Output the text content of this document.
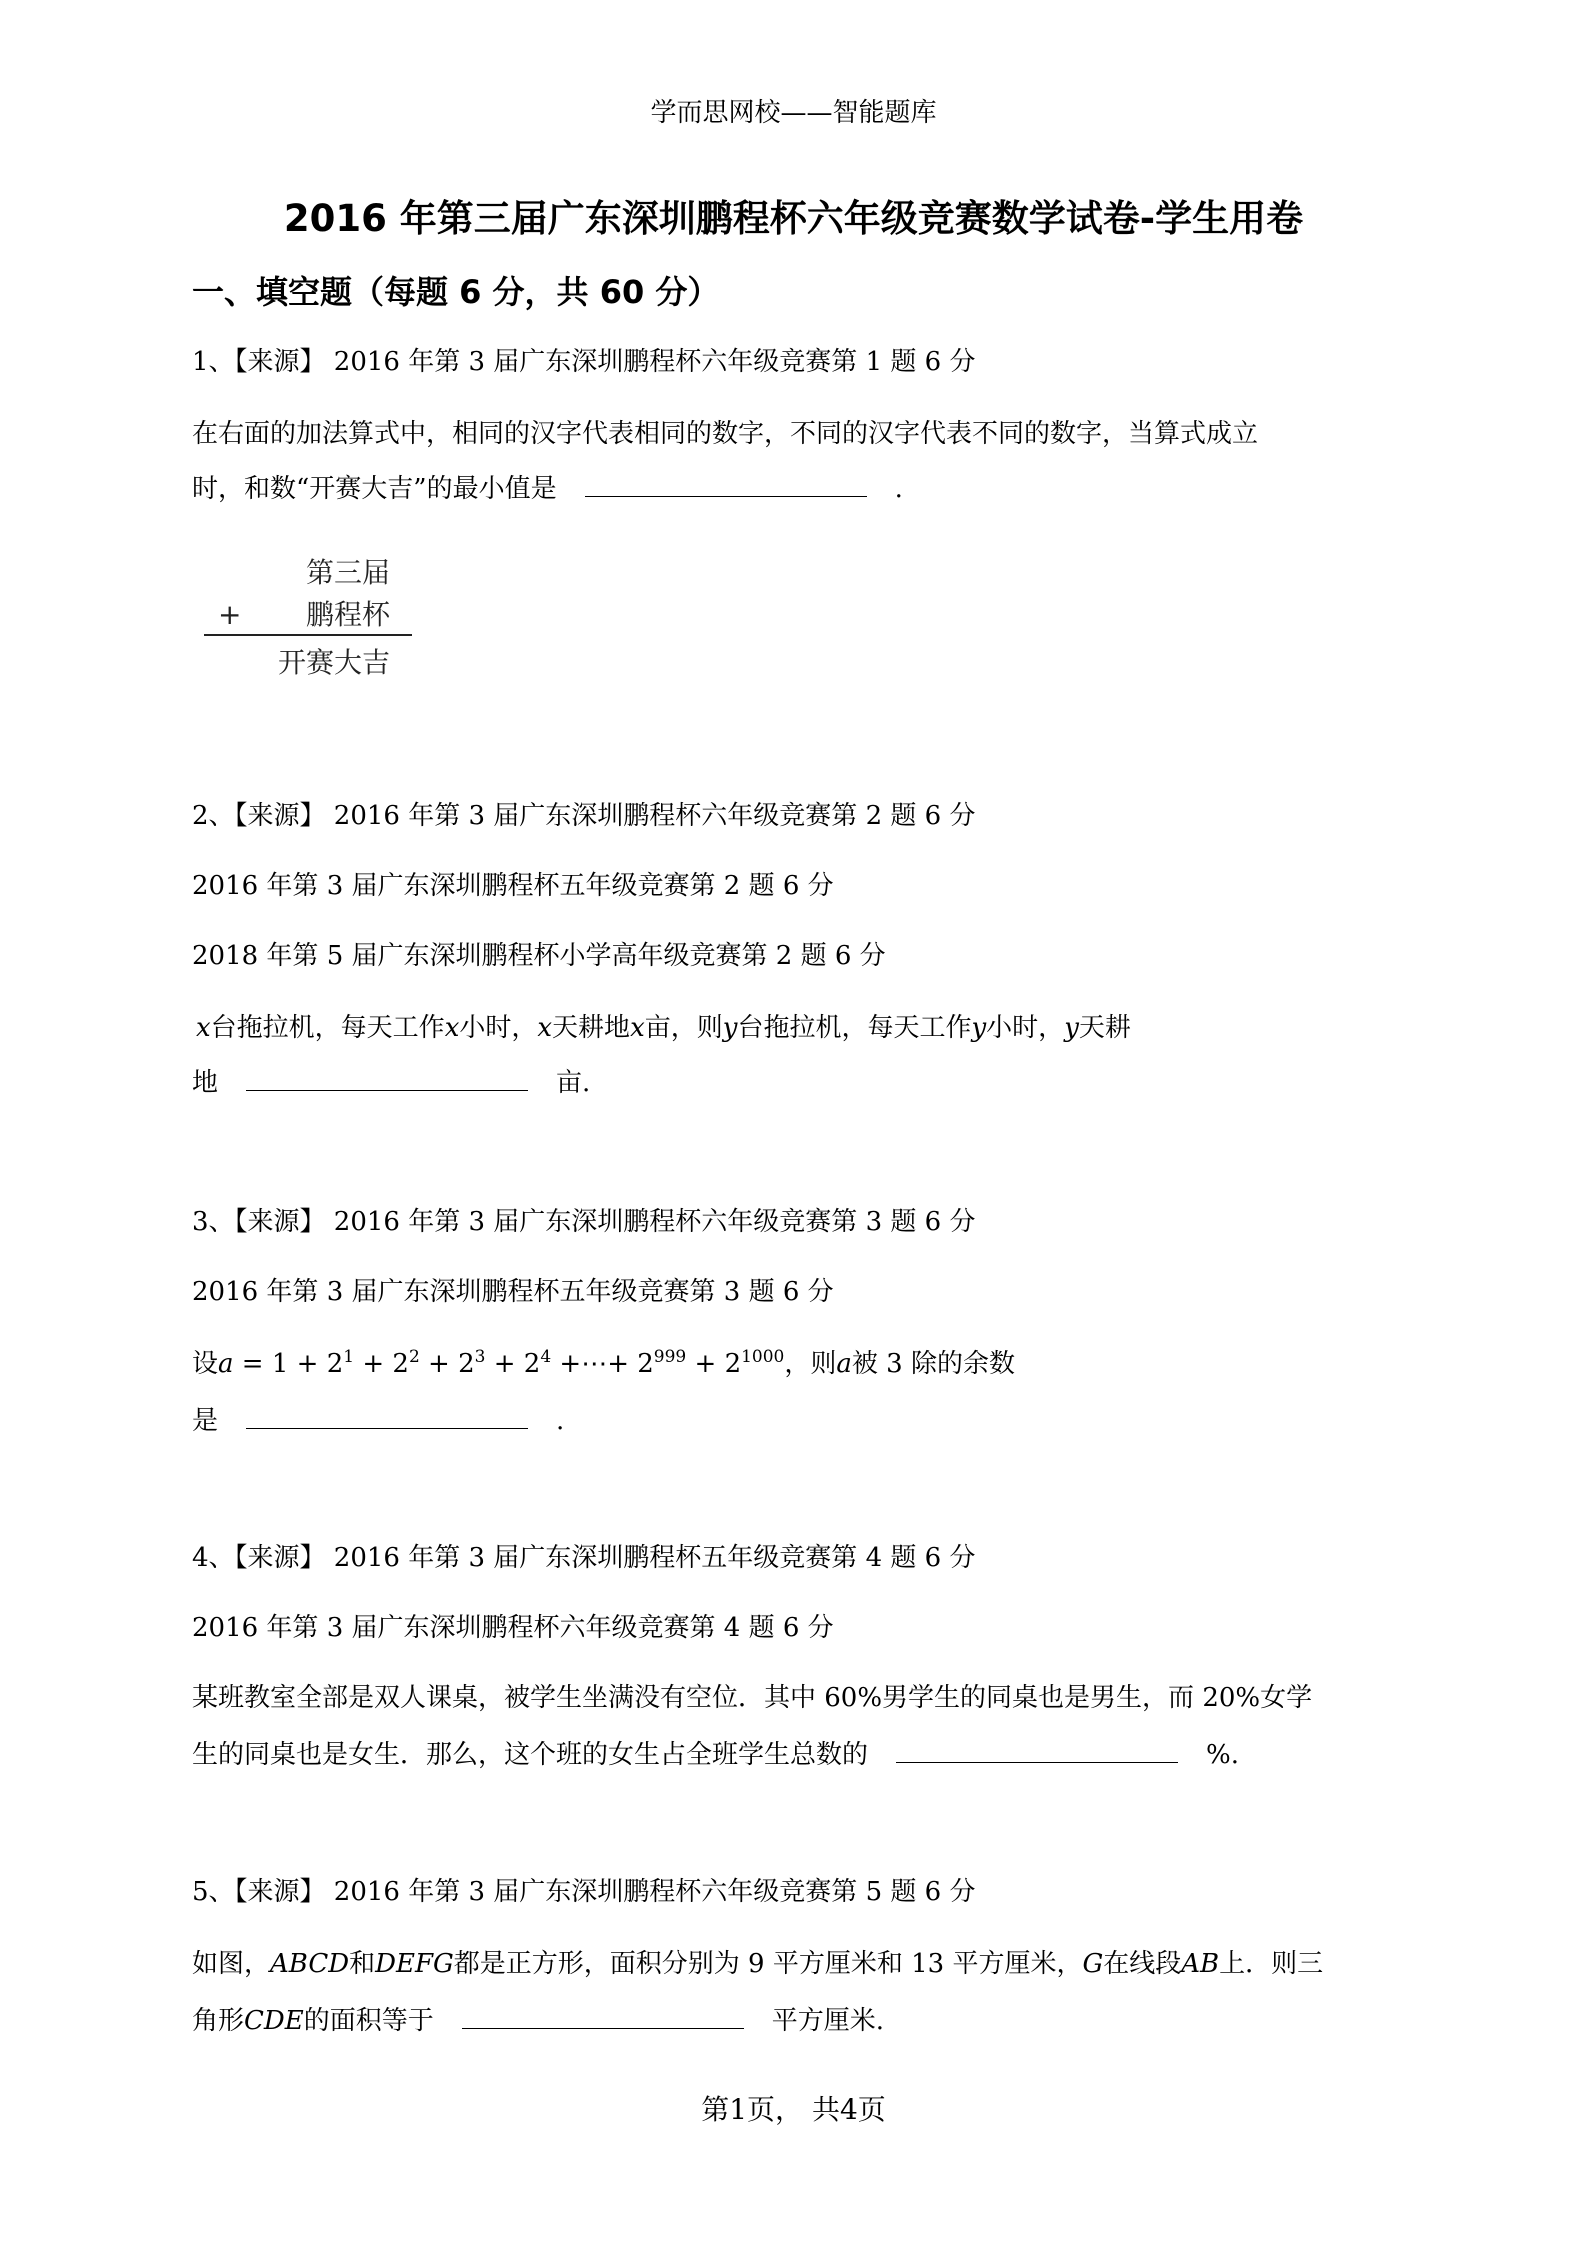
学而思网校——智能题库
2016 年第三届广东深圳鹏程杯六年级竞赛数学试卷-学生用卷
一、填空题（每题 6 分，共 60 分）
1、【来源】 2016 年第 3 届广东深圳鹏程杯六年级竞赛第 1 题 6 分
在右面的加法算式中，相同的汉字代表相同的数字，不同的汉字代表不同的数字，当算式成立
时，和数“开赛大吉”的最小值是	.
第三届
+ 鹏程杯
开赛大吉
2、【来源】 2016 年第 3 届广东深圳鹏程杯六年级竞赛第 2 题 6 分
2016 年第 3 届广东深圳鹏程杯五年级竞赛第 2 题 6 分
2018 年第 5 届广东深圳鹏程杯小学高年级竞赛第 2 题 6 分
x台拖拉机，每天工作x小时，x天耕地x亩，则y台拖拉机，每天工作y小时，y天耕
地	亩.
3、【来源】 2016 年第 3 届广东深圳鹏程杯六年级竞赛第 3 题 6 分
2016 年第 3 届广东深圳鹏程杯五年级竞赛第 3 题 6 分
设$a = 1 + 2^1 + 2^2 + 2^3 + 2^4$ +⋯+ $2^{999} + 2^{1000}$，则a被 3 除的余数
是	.
4、【来源】 2016 年第 3 届广东深圳鹏程杯五年级竞赛第 4 题 6 分
2016 年第 3 届广东深圳鹏程杯六年级竞赛第 4 题 6 分
某班教室全部是双人课桌，被学生坐满没有空位．其中 60%男学生的同桌也是男生，而 20%女学
生的同桌也是女生．那么，这个班的女生占全班学生总数的	%.
5、【来源】 2016 年第 3 届广东深圳鹏程杯六年级竞赛第 5 题 6 分
如图，ABCD和DEFG都是正方形，面积分别为 9 平方厘米和 13 平方厘米，G在线段AB上．则三
角形CDE的面积等于	平方厘米.
第1页， 共4页
